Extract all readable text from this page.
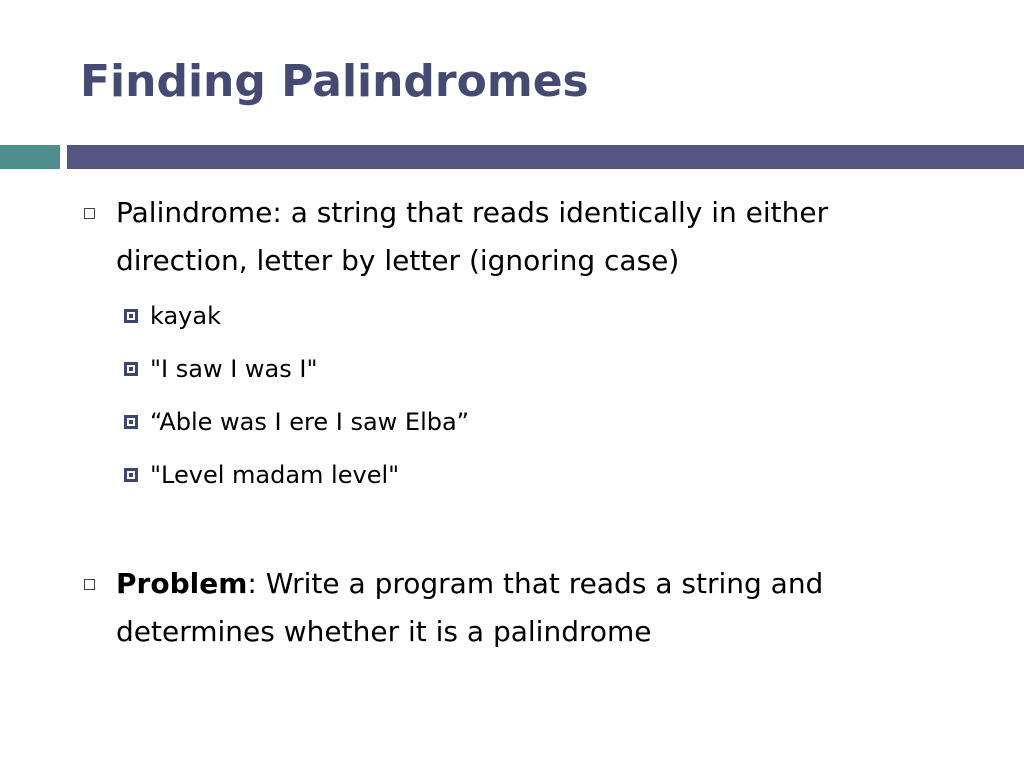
Finding Palindromes
Palindrome: a string that reads identically in either direction, letter by letter (ignoring case)
kayak
"I saw I was I"
“Able was I ere I saw Elba”
"Level madam level"
Problem: Write a program that reads a string and determines whether it is a palindrome
